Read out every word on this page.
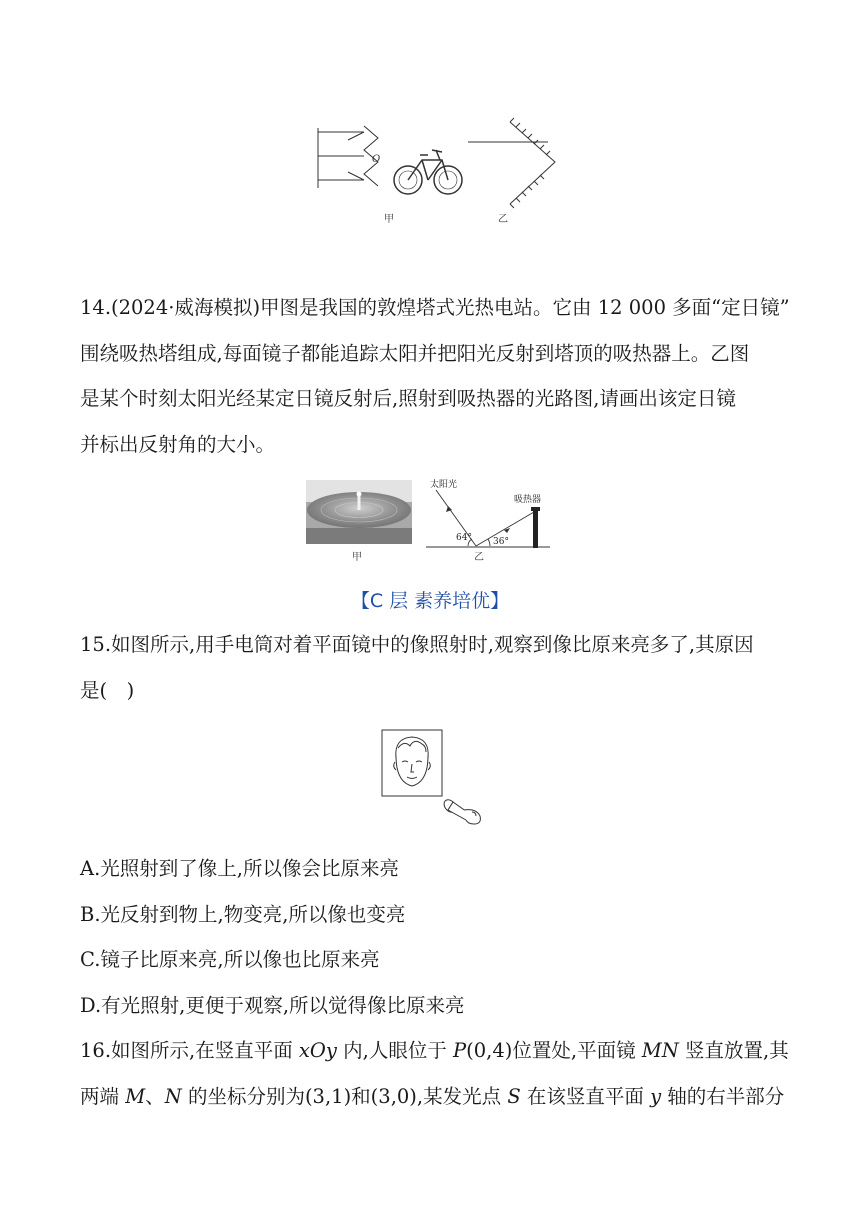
O
甲	乙
14.(2024·威海模拟)甲图是我国的敦煌塔式光热电站。它由 12 000 多面“定日镜”
围绕吸热塔组成,每面镜子都能追踪太阳并把阳光反射到塔顶的吸热器上。乙图
是某个时刻太阳光经某定日镜反射后,照射到吸热器的光路图,请画出该定日镜
并标出反射角的大小。
甲
太阳光
吸热器
64° 36°
乙
【C 层 素养培优】
15.如图所示,用手电筒对着平面镜中的像照射时,观察到像比原来亮多了,其原因
是(　)
A.光照射到了像上,所以像会比原来亮
B.光反射到物上,物变亮,所以像也变亮
C.镜子比原来亮,所以像也比原来亮
D.有光照射,更便于观察,所以觉得像比原来亮
16.如图所示,在竖直平面 xOy 内,人眼位于 P(0,4)位置处,平面镜 MN 竖直放置,其
两端 M、N 的坐标分别为(3,1)和(3,0),某发光点 S 在该竖直平面 y 轴的右半部分
